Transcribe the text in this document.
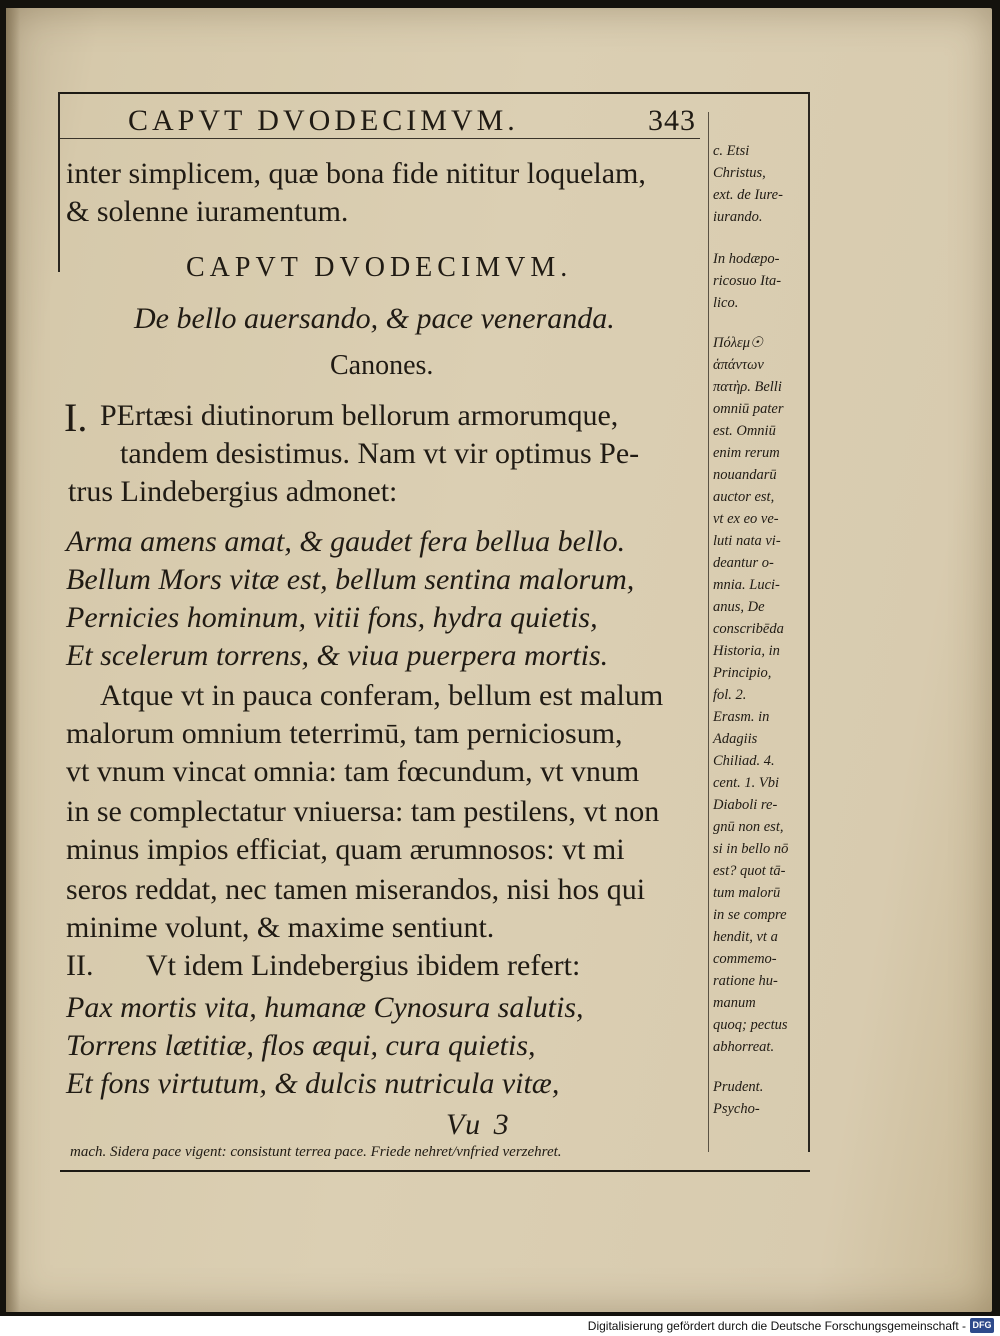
CAPVT DVODECIMVM.	343
inter simplicem, quæ bona fide nititur loquelam,
& solenne iuramentum.
CAPVT DVODECIMVM.
De bello auersando, & pace veneranda.
Canones.
I. PErtæsi diutinorum bellorum armorumque,
tandem desistimus. Nam vt vir optimus Pe-
trus Lindebergius admonet:
Arma amens amat, & gaudet fera bellua bello.
Bellum Mors vitæ est, bellum sentina malorum,
Pernicies hominum, vitii fons, hydra quietis,
Et scelerum torrens, & viua puerpera mortis.
Atque vt in pauca conferam, bellum est malum
malorum omnium teterrimū, tam perniciosum,
vt vnum vincat omnia: tam fœcundum, vt vnum
in se complectatur vniuersa: tam pestilens, vt non
minus impios efficiat, quam ærumnosos: vt mi
seros reddat, nec tamen miserandos, nisi hos qui
minime volunt, & maxime sentiunt.
II. Vt idem Lindebergius ibidem refert:
Pax mortis vita, humanæ Cynosura salutis,
Torrens lætitiæ, flos æqui, cura quietis,
Et fons virtutum, & dulcis nutricula vitæ,
Vu 3
mach. Sidera pace vigent: consistunt terrea pace. Friede nehret/vnfried verzehret.
c. Etsi
Christus,
ext. de Iure-
iurando.
In hodæpo-
ricosuo Ita-
lico.
Πόλεμ☉
ἁπάντων
πατὴρ. Belli
omniū pater
est. Omniū
enim rerum
nouandarū
auctor est,
vt ex eo ve-
luti nata vi-
deantur o-
mnia. Luci-
anus, De
conscribēda
Historia, in
Principio,
fol. 2.
Erasm. in
Adagiis
Chiliad. 4.
cent. 1. Vbi
Diaboli re-
gnū non est,
si in bello nō
est? quot tā-
tum malorū
in se compre
hendit, vt a
commemo-
ratione hu-
manum
quoq; pectus
abhorreat.
Prudent.
Psycho-
Digitalisierung gefördert durch die Deutsche Forschungsgemeinschaft - DFG
